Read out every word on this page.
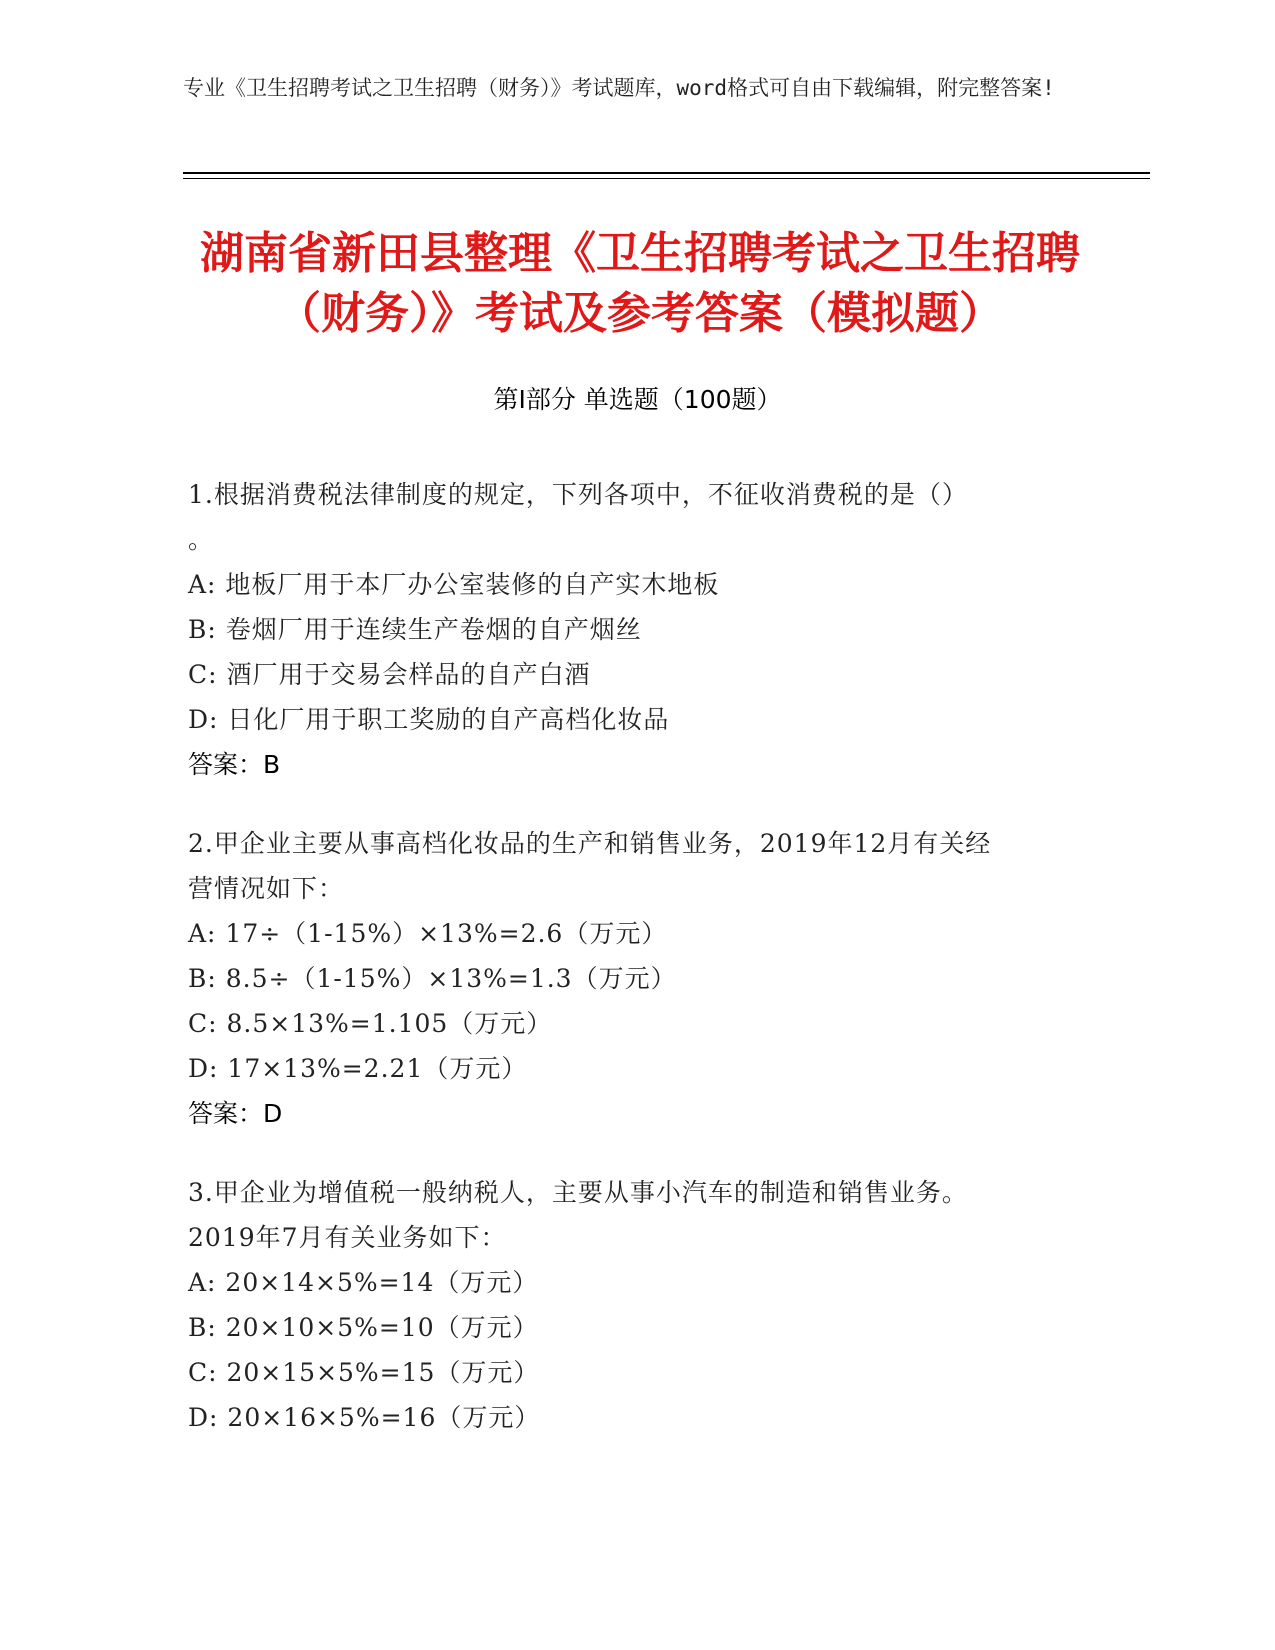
专业《卫生招聘考试之卫生招聘（财务）》考试题库，word格式可自由下载编辑，附完整答案!
湖南省新田县整理《卫生招聘考试之卫生招聘（财务）》考试及参考答案（模拟题）
第Ⅰ部分 单选题（100题）
1.根据消费税法律制度的规定，下列各项中，不征收消费税的是（）
。
A: 地板厂用于本厂办公室装修的自产实木地板
B: 卷烟厂用于连续生产卷烟的自产烟丝
C: 酒厂用于交易会样品的自产白酒
D: 日化厂用于职工奖励的自产高档化妆品
答案：B
2.甲企业主要从事高档化妆品的生产和销售业务，2019年12月有关经
营情况如下：
A: 17÷（1-15%）×13%=2.6（万元）
B: 8.5÷（1-15%）×13%=1.3（万元）
C: 8.5×13%=1.105（万元）
D: 17×13%=2.21（万元）
答案：D
3.甲企业为增值税一般纳税人，主要从事小汽车的制造和销售业务。
2019年7月有关业务如下：
A: 20×14×5%=14（万元）
B: 20×10×5%=10（万元）
C: 20×15×5%=15（万元）
D: 20×16×5%=16（万元）
